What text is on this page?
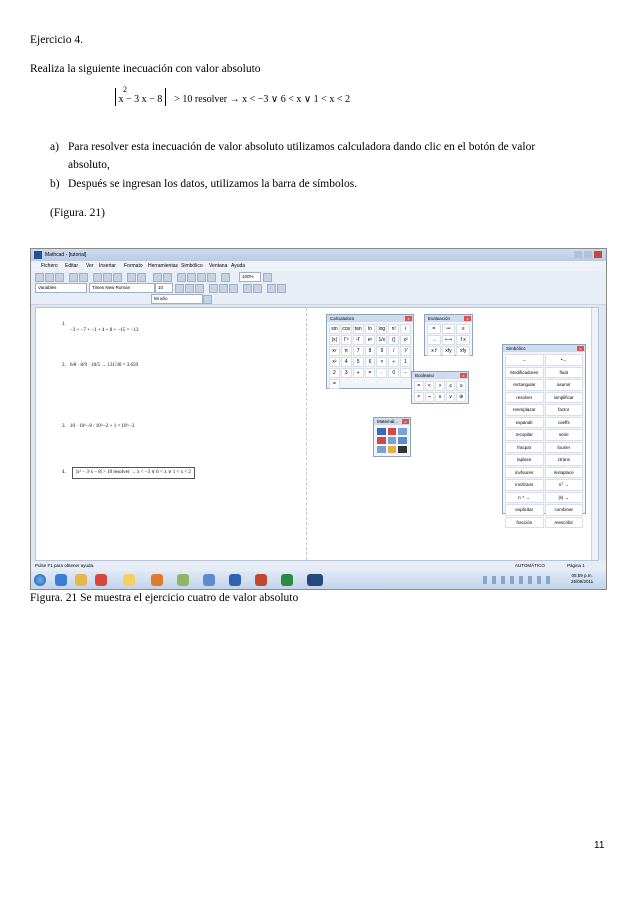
Ejercicio 4.
Realiza la siguiente inecuación con valor absoluto
x − 3 x − 8
2
> 10 resolver → x < −3 ∨ 6 < x ∨ 1 < x < 2
a) Para resolver esta inecuación de valor absoluto utilizamos calculadora dando clic en el botón de valor
absoluto,
b) Después se ingresan los datos, utilizamos la barra de símbolos.
(Figura. 21)
Mathcad - [tutorial]
Fichero Editar Ver Insertar Formato Herramientas Simbólico Ventana Ayuda
100%
Variables	Times New Roman	10
Mi año
1.
−3 + −7 + −1 + 4 + 8 + −15 = −13
2. 6/8 · 8/9 · 10/5 → 131/30 = 3.659
3. 10 · 10^−8 / 10^−2 + 1 = 10^−3
4.	|x² − 3·x − 8| > 10 resolver → x < −3 ∨ 6 < x ∨ 1 < x < 2
Calculadora	x
sin cos tan	ln	log	n!	i
|x|	Γˣ	ⁿΓ	eˣ	1/x	()	x²
xʸ	π	7	8	9	/	⅟
x²	4	5	6	×	÷	1
2	3	+	=	·	0	−
=
Evaluación	x
=	≔	≡
→	⟷	f x
x f	xfy	xfy
Booleano	x
=	<	>	≤	≥
≠	¬	∧	∨	⊕
Matemát...	x
Simbólico	x
→	▪→
Modificadores	float
rectangular	asumir
resolver	simplificar
reemplazar	factor
expandir	coeffs
recopilar	serie
fracpar	fourier
laplace	ztrans
invfourier	invlaplace
invztrans	nᵀ →
n⁻¹ →	|n| →
explicitar	combinar
fracción	reescribir
Pulse F1 para obtener ayuda.	AUTOMÁTICO	Página 1
05:59 p.m.
26/09/2011
Figura. 21 Se muestra el ejercicio cuatro de valor absoluto
11
